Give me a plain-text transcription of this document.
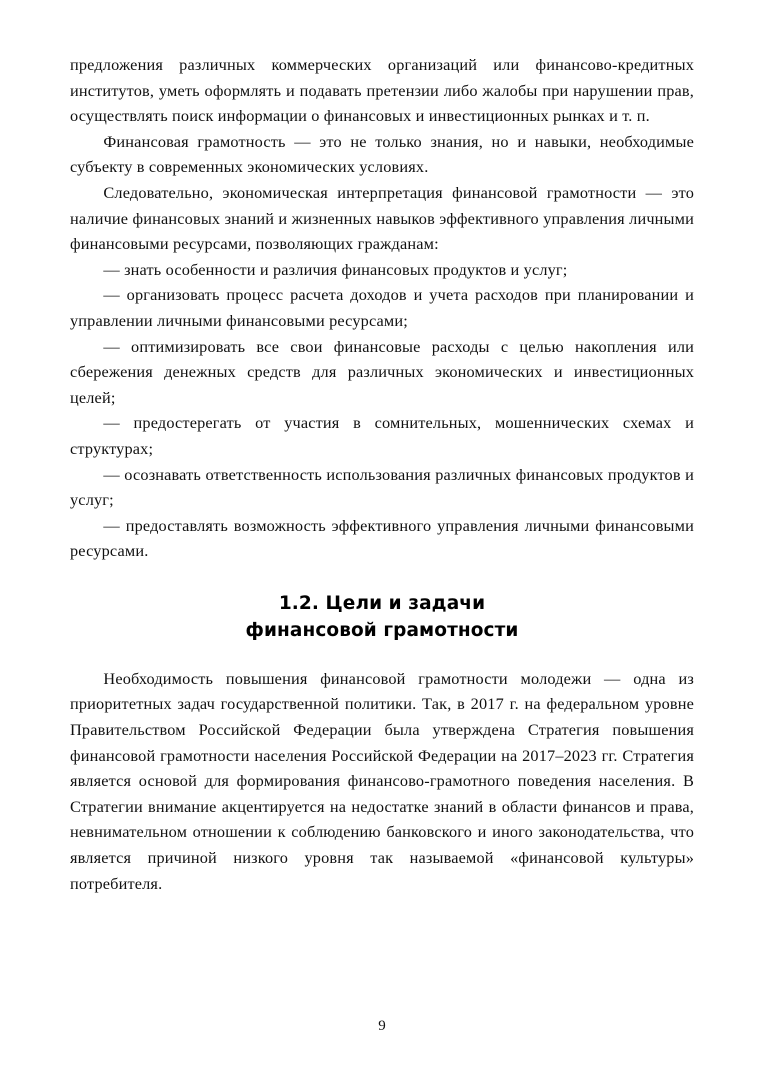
предложения различных коммерческих организаций или финансово-кредитных институтов, уметь оформлять и подавать претензии либо жалобы при нарушении прав, осуществлять поиск информации о финансовых и инвестиционных рынках и т. п.

Финансовая грамотность — это не только знания, но и навыки, необходимые субъекту в современных экономических условиях.

Следовательно, экономическая интерпретация финансовой грамотности — это наличие финансовых знаний и жизненных навыков эффективного управления личными финансовыми ресурсами, позволяющих гражданам:

— знать особенности и различия финансовых продуктов и услуг;

— организовать процесс расчета доходов и учета расходов при планировании и управлении личными финансовыми ресурсами;

— оптимизировать все свои финансовые расходы с целью накопления или сбережения денежных средств для различных экономических и инвестиционных целей;

— предостерегать от участия в сомнительных, мошеннических схемах и структурах;

— осознавать ответственность использования различных финансовых продуктов и услуг;

— предоставлять возможность эффективного управления личными финансовыми ресурсами.

1.2. Цели и задачи
финансовой грамотности

Необходимость повышения финансовой грамотности молодежи — одна из приоритетных задач государственной политики. Так, в 2017 г. на федеральном уровне Правительством Российской Федерации была утверждена Стратегия повышения финансовой грамотности населения Российской Федерации на 2017–2023 гг. Стратегия является основой для формирования финансово-грамотного поведения населения. В Стратегии внимание акцентируется на недостатке знаний в области финансов и права, невнимательном отношении к соблюдению банковского и иного законодательства, что является причиной низкого уровня так называемой «финансовой культуры» потребителя.

9
